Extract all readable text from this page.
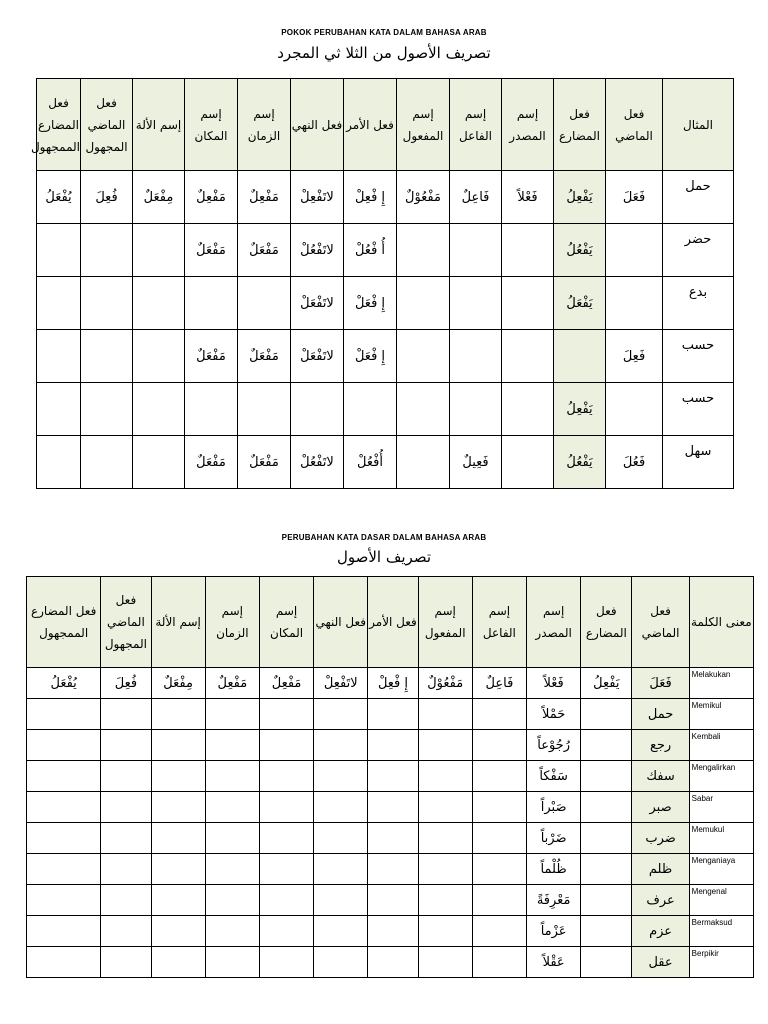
POKOK PERUBAHAN KATA DALAM BAHASA ARAB
تصريف الأصول من الثلا ثي المجرد
فعل المضارع الممجهول	فعل الماضي المجهول	إسم الألة	إسم المكان	إسم الزمان	فعل النهي	فعل الأمر	إسم المفعول	إسم الفاعل	إسم المصدر	فعل المضارع	فعل الماضي	المثال
يُفْعَلُ	فُعِلَ	مِفْعَلٌ	مَفْعِلٌ	مَفْعِلٌ	لاتَفْعِلْ	إِ فْعِلْ	مَفْعُوْلٌ	فَاعِلٌ	فَعْلاً	يَفْعِلُ	فَعَلَ	حمل
			مَفْعَلٌ	مَفْعَلٌ	لاتَفْعُلْ	أُ فْعُلْ				يَفْعُلُ		حضر
					لاتَفْعَلْ	إِ فْعَلْ				يَفْعَلُ		بدع
			مَفْعَلٌ	مَفْعَلٌ	لاتَفْعَلْ	إِ فْعَلْ					فَعِلَ	حسب
										يَفْعِلُ		حسب
			مَفْعَلٌ	مَفْعَلٌ	لاتَفْعُلْ	أُفْعُلْ		فَعِيلٌ		يَفْعُلُ	فَعُلَ	سهل
PERUBAHAN KATA DASAR DALAM BAHASA ARAB
تصريف الأصول
فعل المضارع الممجهول	فعل الماضي المجهول	إسم الألة	إسم الزمان	إسم المكان	فعل النهي	فعل الأمر	إسم المفعول	إسم الفاعل	إسم المصدر	فعل المضارع	فعل الماضي	معنى الكلمة
يُفْعَلُ	فُعِلَ	مِفْعَلٌ	مَفْعِلٌ	مَفْعِلٌ	لاتَفْعِلْ	إِ فْعِلْ	مَفْعُوْلٌ	فَاعِلٌ	فَعْلاً	يَفْعِلُ	فَعَلَ	Melakukan
									حَمْلاً		حمل	Memikul
									رُجُوْعاً		رجع	Kembali
									سَفْكاً		سفك	Mengalirkan
									صَبْراً		صبر	Sabar
									ضَرْباً		ضرب	Memukul
									ظُلْماً		ظلم	Menganiaya
									مَعْرِفَةً		عرف	Mengenal
									عَزْماً		عزم	Bermaksud
									عَقْلاً		عقل	Berpikir
